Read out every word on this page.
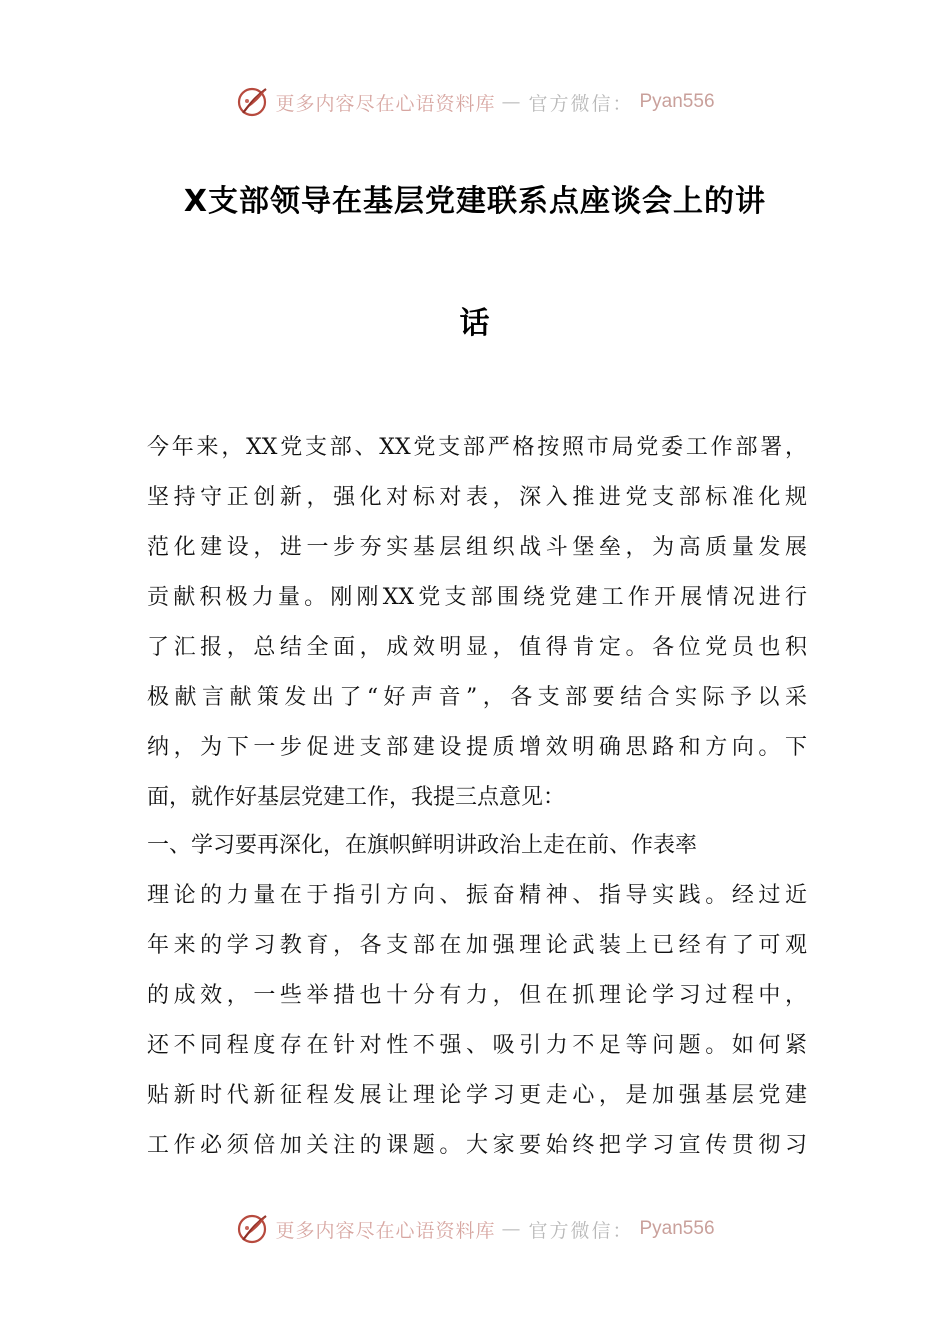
更多内容尽在心语资料库 — 官方微信： Pyan556
X支部领导在基层党建联系点座谈会上的讲
话
今年来，XX党支部、XX党支部严格按照市局党委工作部署，
坚持守正创新，强化对标对表，深入推进党支部标准化规
范化建设，进一步夯实基层组织战斗堡垒，为高质量发展
贡献积极力量。刚刚XX党支部围绕党建工作开展情况进行
了汇报，总结全面，成效明显，值得肯定。各位党员也积
极献言献策发出了“好声音”，各支部要结合实际予以采
纳，为下一步促进支部建设提质增效明确思路和方向。下
面，就作好基层党建工作，我提三点意见：
一、学习要再深化，在旗帜鲜明讲政治上走在前、作表率
理论的力量在于指引方向、振奋精神、指导实践。经过近
年来的学习教育，各支部在加强理论武装上已经有了可观
的成效，一些举措也十分有力，但在抓理论学习过程中，
还不同程度存在针对性不强、吸引力不足等问题。如何紧
贴新时代新征程发展让理论学习更走心，是加强基层党建
工作必须倍加关注的课题。大家要始终把学习宣传贯彻习
更多内容尽在心语资料库 — 官方微信： Pyan556
